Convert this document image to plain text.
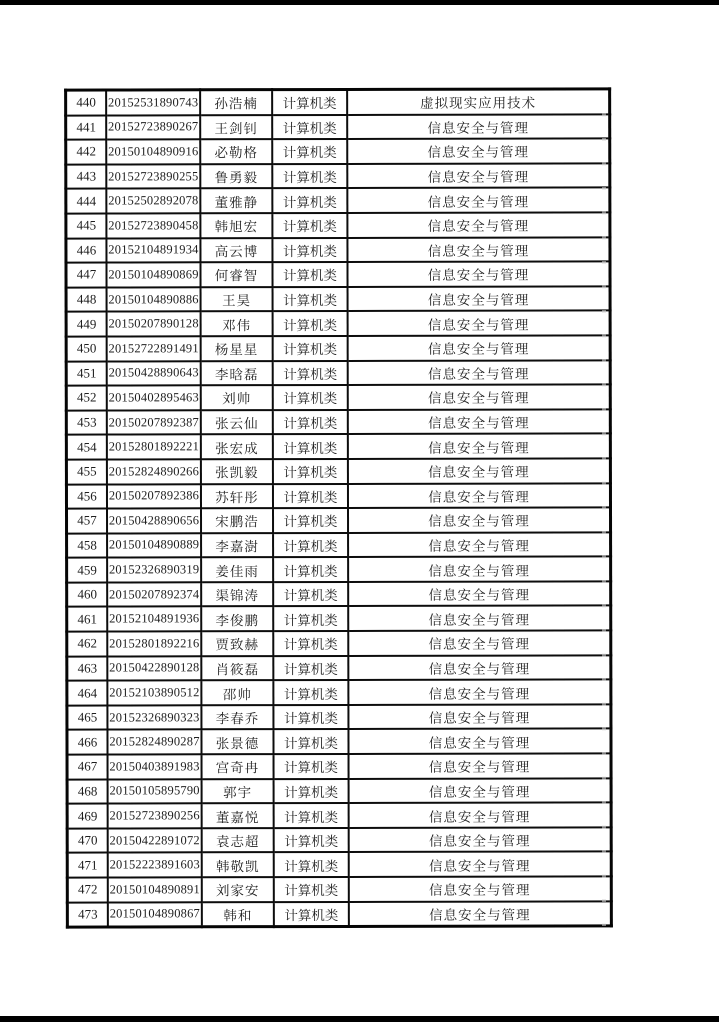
440	20152531890743	孙浩楠	计算机类	虚拟现实应用技术
441	20152723890267	王剑钊	计算机类	信息安全与管理
442	20150104890916	必勒格	计算机类	信息安全与管理
443	20152723890255	鲁勇毅	计算机类	信息安全与管理
444	20152502892078	董雅静	计算机类	信息安全与管理
445	20152723890458	韩旭宏	计算机类	信息安全与管理
446	20152104891934	高云博	计算机类	信息安全与管理
447	20150104890869	何睿智	计算机类	信息安全与管理
448	20150104890886	王昊	计算机类	信息安全与管理
449	20150207890128	邓伟	计算机类	信息安全与管理
450	20152722891491	杨星星	计算机类	信息安全与管理
451	20150428890643	李晗磊	计算机类	信息安全与管理
452	20150402895463	刘帅	计算机类	信息安全与管理
453	20150207892387	张云仙	计算机类	信息安全与管理
454	20152801892221	张宏成	计算机类	信息安全与管理
455	20152824890266	张凯毅	计算机类	信息安全与管理
456	20150207892386	苏轩彤	计算机类	信息安全与管理
457	20150428890656	宋鹏浩	计算机类	信息安全与管理
458	20150104890889	李嘉澍	计算机类	信息安全与管理
459	20152326890319	姜佳雨	计算机类	信息安全与管理
460	20150207892374	渠锦涛	计算机类	信息安全与管理
461	20152104891936	李俊鹏	计算机类	信息安全与管理
462	20152801892216	贾致赫	计算机类	信息安全与管理
463	20150422890128	肖筱磊	计算机类	信息安全与管理
464	20152103890512	邵帅	计算机类	信息安全与管理
465	20152326890323	李春乔	计算机类	信息安全与管理
466	20152824890287	张景德	计算机类	信息安全与管理
467	20150403891983	宫奇冉	计算机类	信息安全与管理
468	20150105895790	郭宇	计算机类	信息安全与管理
469	20152723890256	董嘉悦	计算机类	信息安全与管理
470	20150422891072	袁志超	计算机类	信息安全与管理
471	20152223891603	韩敬凯	计算机类	信息安全与管理
472	20150104890891	刘家安	计算机类	信息安全与管理
473	20150104890867	韩和	计算机类	信息安全与管理
